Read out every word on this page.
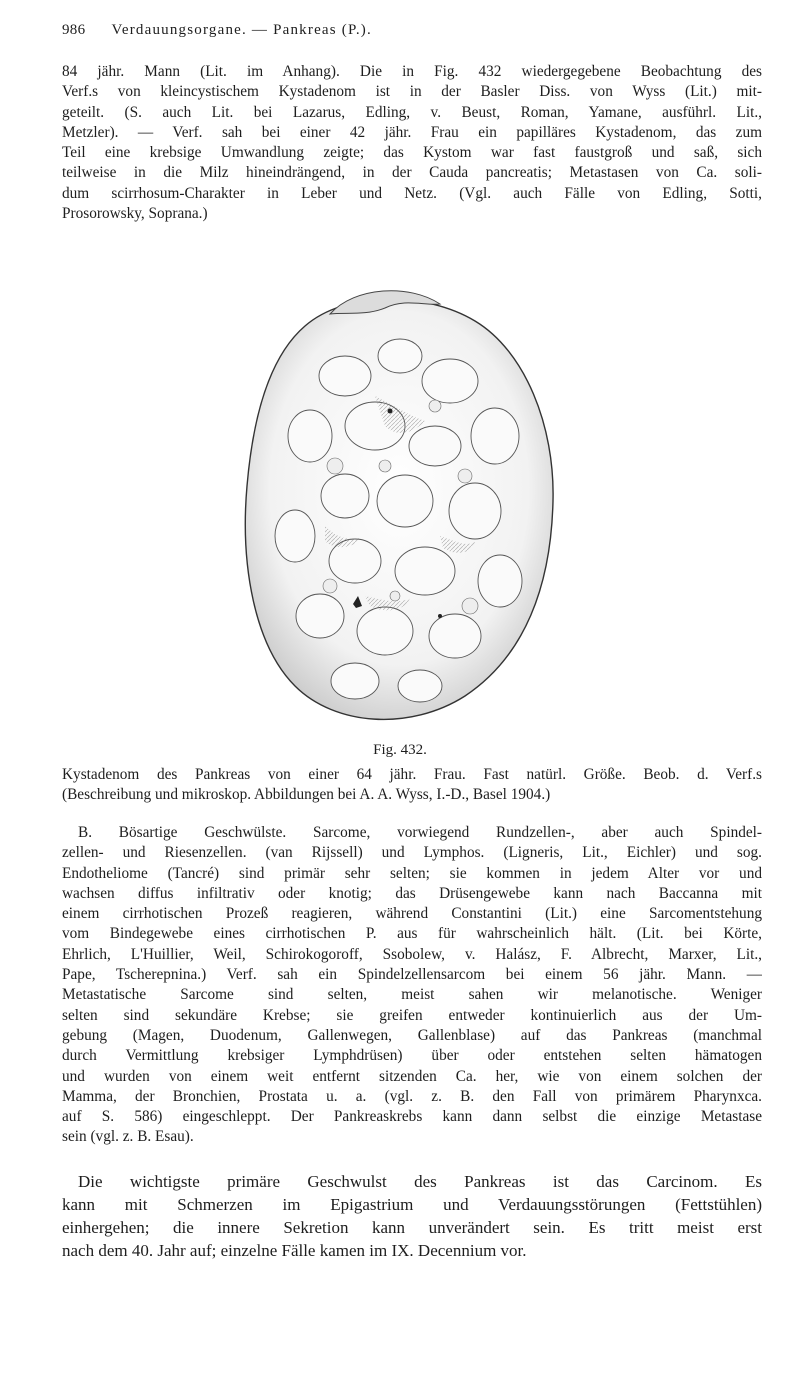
986 Verdauungsorgane. — Pankreas (P.).
84 jähr. Mann (Lit. im Anhang). Die in Fig. 432 wiedergegebene Beobachtung des
Verf.s von kleincystischem Kystadenom ist in der Basler Diss. von Wyss (Lit.) mit-
geteilt. (S. auch Lit. bei Lazarus, Edling, v. Beust, Roman, Yamane, ausführl. Lit.,
Metzler). — Verf. sah bei einer 42 jähr. Frau ein papilläres Kystadenom, das zum
Teil eine krebsige Umwandlung zeigte; das Kystom war fast faustgroß und saß, sich
teilweise in die Milz hineindrängend, in der Cauda pancreatis; Metastasen von Ca. soli-
dum scirrhosum-Charakter in Leber und Netz. (Vgl. auch Fälle von Edling, Sotti,
Prosorowsky, Soprana.)
Fig. 432.
Kystadenom des Pankreas von einer 64 jähr. Frau. Fast natürl. Größe. Beob. d. Verf.s
(Beschreibung und mikroskop. Abbildungen bei A. A. Wyss, I.-D., Basel 1904.)
B. Bösartige Geschwülste. Sarcome, vorwiegend Rundzellen-, aber auch Spindel-
zellen- und Riesenzellen. (van Rijssell) und Lymphos. (Ligneris, Lit., Eichler) und sog.
Endotheliome (Tancré) sind primär sehr selten; sie kommen in jedem Alter vor und
wachsen diffus infiltrativ oder knotig; das Drüsengewebe kann nach Baccanna mit
einem cirrhotischen Prozeß reagieren, während Constantini (Lit.) eine Sarcomentstehung
vom Bindegewebe eines cirrhotischen P. aus für wahrscheinlich hält. (Lit. bei Körte,
Ehrlich, L'Huillier, Weil, Schirokogoroff, Ssobolew, v. Halász, F. Albrecht, Marxer, Lit.,
Pape, Tscherepnina.) Verf. sah ein Spindelzellensarcom bei einem 56 jähr. Mann. —
Metastatische Sarcome sind selten, meist sahen wir melanotische. Weniger
selten sind sekundäre Krebse; sie greifen entweder kontinuierlich aus der Um-
gebung (Magen, Duodenum, Gallenwegen, Gallenblase) auf das Pankreas (manchmal
durch Vermittlung krebsiger Lymphdrüsen) über oder entstehen selten hämatogen
und wurden von einem weit entfernt sitzenden Ca. her, wie von einem solchen der
Mamma, der Bronchien, Prostata u. a. (vgl. z. B. den Fall von primärem Pharynxca.
auf S. 586) eingeschleppt. Der Pankreaskrebs kann dann selbst die einzige Metastase
sein (vgl. z. B. Esau).
Die wichtigste primäre Geschwulst des Pankreas ist das Carcinom. Es
kann mit Schmerzen im Epigastrium und Verdauungsstörungen (Fettstühlen)
einhergehen; die innere Sekretion kann unverändert sein. Es tritt meist erst
nach dem 40. Jahr auf; einzelne Fälle kamen im IX. Decennium vor.
